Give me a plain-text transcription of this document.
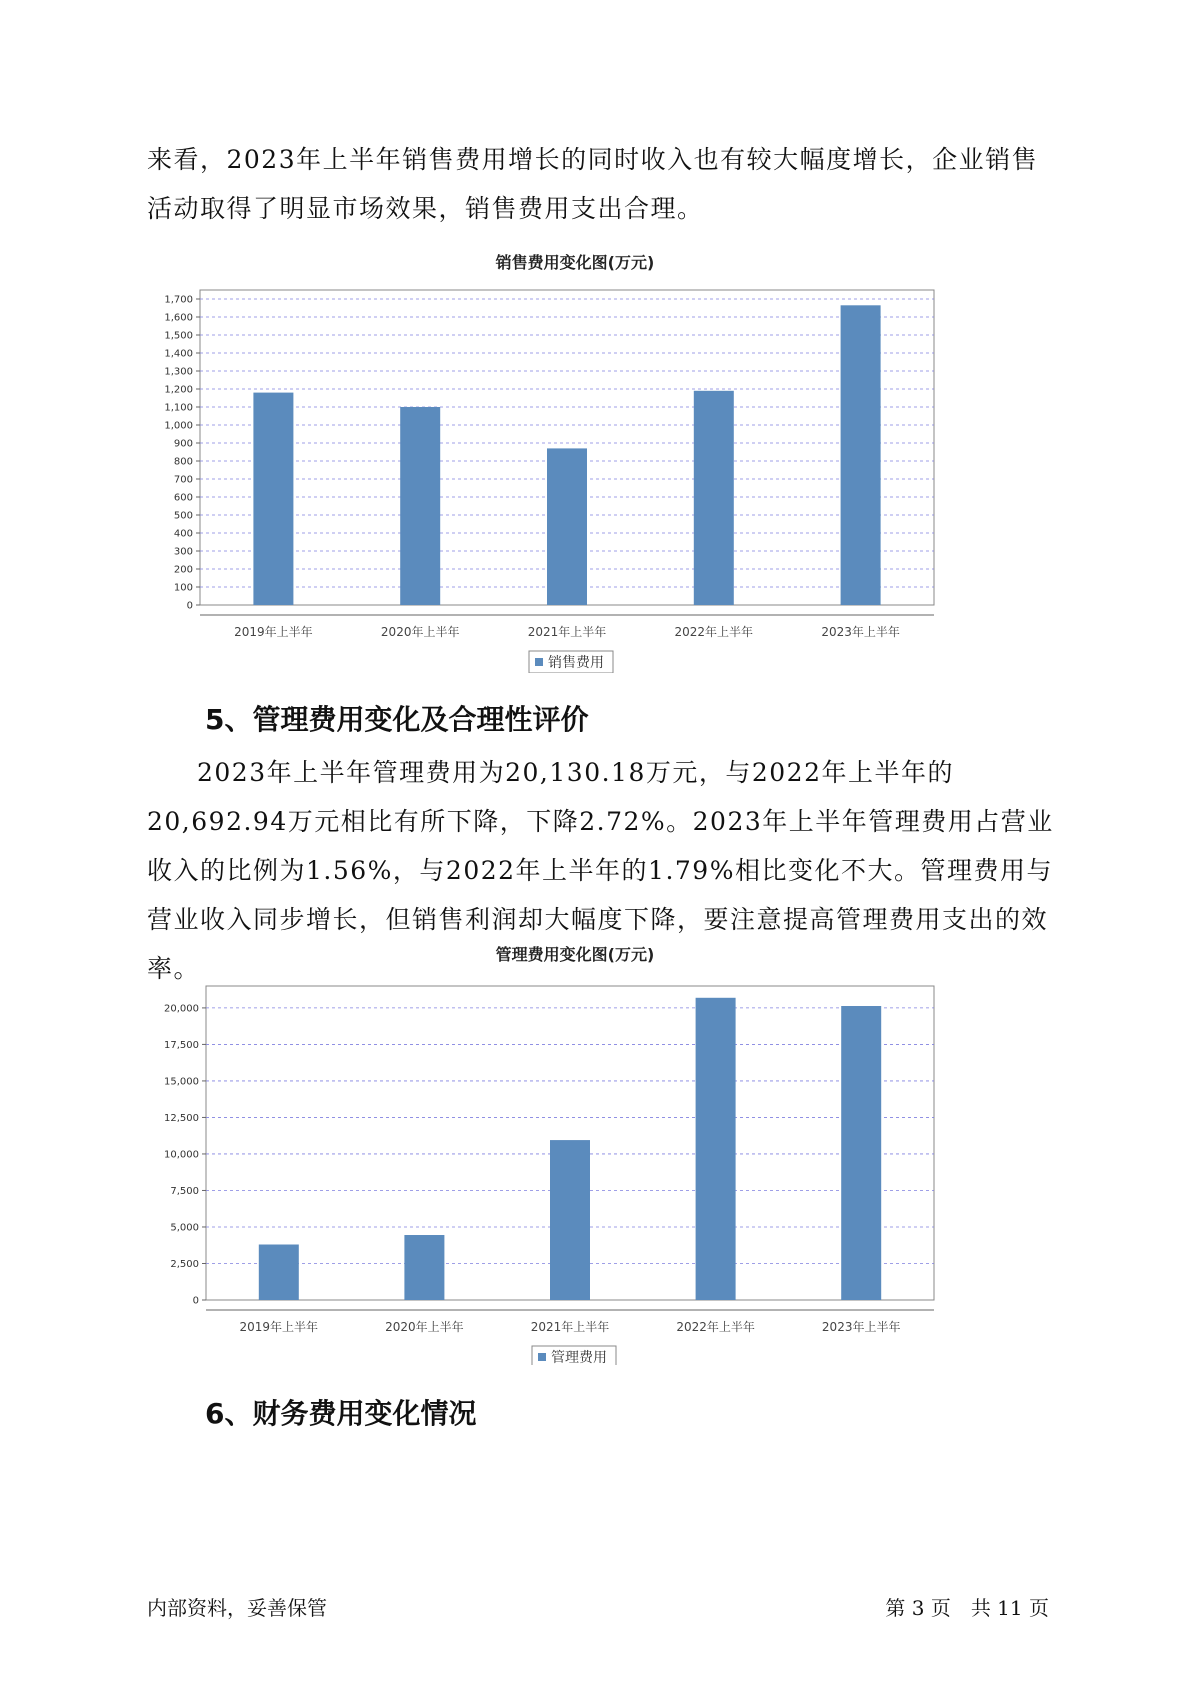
来看，2023年上半年销售费用增长的同时收入也有较大幅度增长，企业销售活动取得了明显市场效果，销售费用支出合理。

销售费用变化图(万元)
0
100
200
300
400
500
600
700
800
900
1,000
1,100
1,200
1,300
1,400
1,500
1,600
1,700
2019年上半年	2020年上半年	2021年上半年	2022年上半年	2023年上半年
销售费用
5、管理费用变化及合理性评价

2023年上半年管理费用为20,130.18万元，与2022年上半年的20,692.94万元相比有所下降，下降2.72%。2023年上半年管理费用占营业收入的比例为1.56%，与2022年上半年的1.79%相比变化不大。管理费用与营业收入同步增长，但销售利润却大幅度下降，要注意提高管理费用支出的效率。	管理费用变化图(万元)
0
2,500
5,000
7,500
10,000
12,500
15,000
17,500
20,000
2019年上半年	2020年上半年	2021年上半年	2022年上半年	2023年上半年
管理费用
6、财务费用变化情况
内部资料，妥善保管	第 3 页　共 11 页
